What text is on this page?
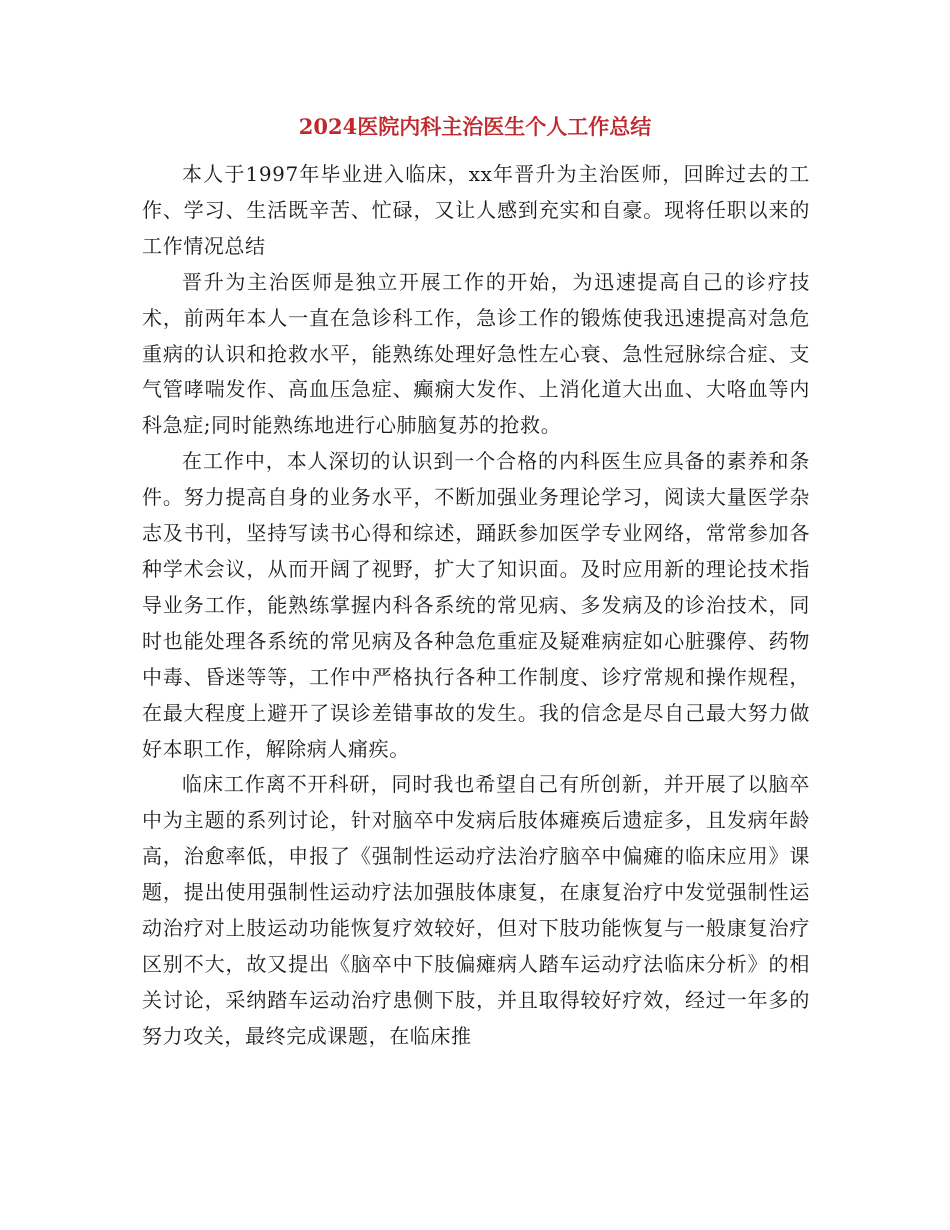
2024医院内科主治医生个人工作总结

本人于1997年毕业进入临床，xx年晋升为主治医师，回眸过去的工作、学习、生活既辛苦、忙碌，又让人感到充实和自豪。现将任职以来的工作情况总结

晋升为主治医师是独立开展工作的开始，为迅速提高自己的诊疗技术，前两年本人一直在急诊科工作，急诊工作的锻炼使我迅速提高对急危重病的认识和抢救水平，能熟练处理好急性左心衰、急性冠脉综合症、支气管哮喘发作、高血压急症、癫痫大发作、上消化道大出血、大咯血等内科急症;同时能熟练地进行心肺脑复苏的抢救。

在工作中，本人深切的认识到一个合格的内科医生应具备的素养和条件。努力提高自身的业务水平，不断加强业务理论学习，阅读大量医学杂志及书刊，坚持写读书心得和综述，踊跃参加医学专业网络，常常参加各种学术会议，从而开阔了视野，扩大了知识面。及时应用新的理论技术指导业务工作，能熟练掌握内科各系统的常见病、多发病及的诊治技术，同时也能处理各系统的常见病及各种急危重症及疑难病症如心脏骤停、药物中毒、昏迷等等，工作中严格执行各种工作制度、诊疗常规和操作规程，在最大程度上避开了误诊差错事故的发生。我的信念是尽自己最大努力做好本职工作，解除病人痛疾。

临床工作离不开科研，同时我也希望自己有所创新，并开展了以脑卒中为主题的系列讨论，针对脑卒中发病后肢体瘫痪后遗症多，且发病年龄高，治愈率低，申报了《强制性运动疗法治疗脑卒中偏瘫的临床应用》课题，提出使用强制性运动疗法加强肢体康复，在康复治疗中发觉强制性运动治疗对上肢运动功能恢复疗效较好，但对下肢功能恢复与一般康复治疗区别不大，故又提出《脑卒中下肢偏瘫病人踏车运动疗法临床分析》的相关讨论，采纳踏车运动治疗患侧下肢，并且取得较好疗效，经过一年多的努力攻关，最终完成课题，在临床推
